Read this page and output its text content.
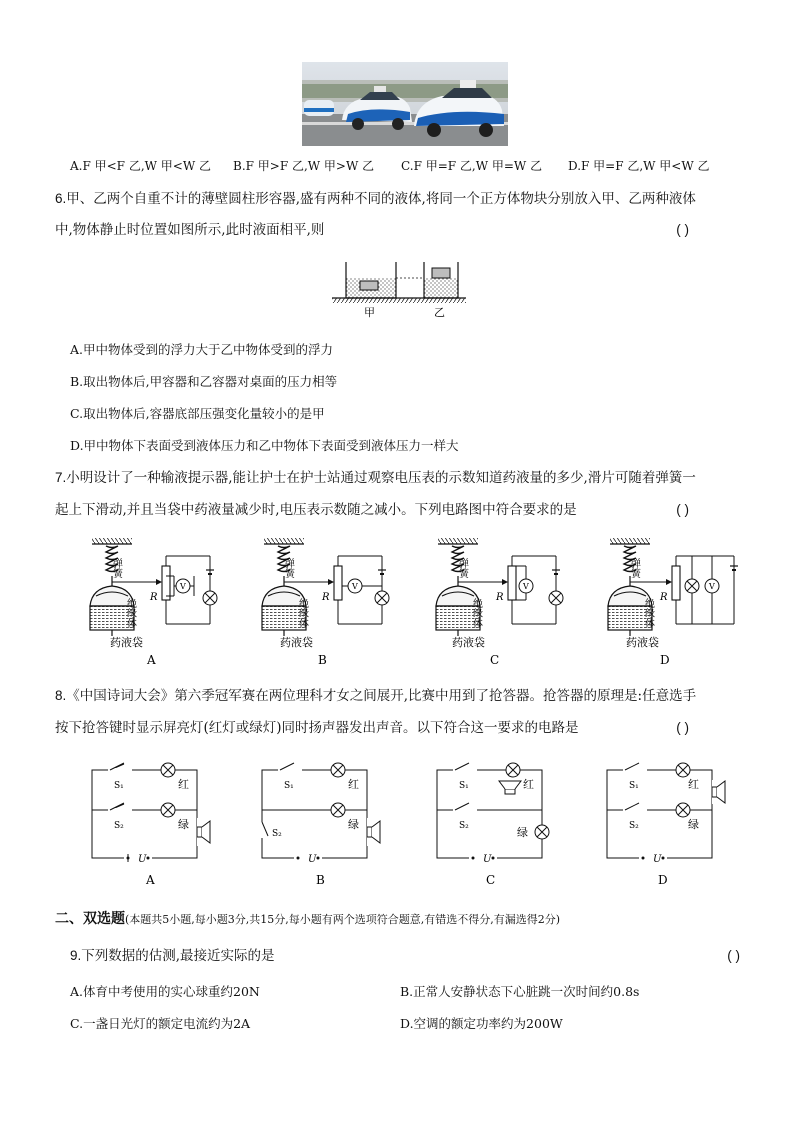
A.F 甲<F 乙,W 甲<W 乙 B.F 甲>F 乙,W 甲>W 乙 C.F 甲=F 乙,W 甲=W 乙 D.F 甲=F 乙,W 甲<W 乙
6.甲、乙两个自重不计的薄壁圆柱形容器,盛有两种不同的液体,将同一个正方体物块分别放入甲、乙两种液体
中,物体静止时位置如图所示,此时液面相平,则	( )
甲	乙
A.甲中物体受到的浮力大于乙中物体受到的浮力
B.取出物体后,甲容器和乙容器对桌面的压力相等
C.取出物体后,容器底部压强变化量较小的是甲
D.甲中物体下表面受到液体压力和乙中物体下表面受到液体压力一样大
7.小明设计了一种输液提示器,能让护士在护士站通过观察电压表的示数知道药液量的多少,滑片可随着弹簧一
起上下滑动,并且当袋中药液量减少时,电压表示数随之减小。下列电路图中符合要求的是	( )
弹簧	弹簧	弹簧	弹簧
绝缘体	绝缘体	绝缘体	绝缘体
药液袋	药液袋	药液袋	药液袋
R	R	R	R
V	V	V	V
A	B	C	D
8.《中国诗词大会》第六季冠军赛在两位理科才女之间展开,比赛中用到了抢答器。抢答器的原理是:任意选手
按下抢答键时显示屏亮灯(红灯或绿灯)同时扬声器发出声音。以下符合这一要求的电路是	( )
S₁
S₂
红
绿
U
S₁
S₂
红
绿
U
S₁
S₂
红
绿
U
S₁
S₂
红
绿
U
A	B	C	D
二、双选题(本题共5小题,每小题3分,共15分,每小题有两个选项符合题意,有错选不得分,有漏选得2分)
9.下列数据的估测,最接近实际的是	( )
A.体育中考使用的实心球重约20N	B.正常人安静状态下心脏跳一次时间约0.8s
C.一盏日光灯的额定电流约为2A	D.空调的额定功率约为200W
